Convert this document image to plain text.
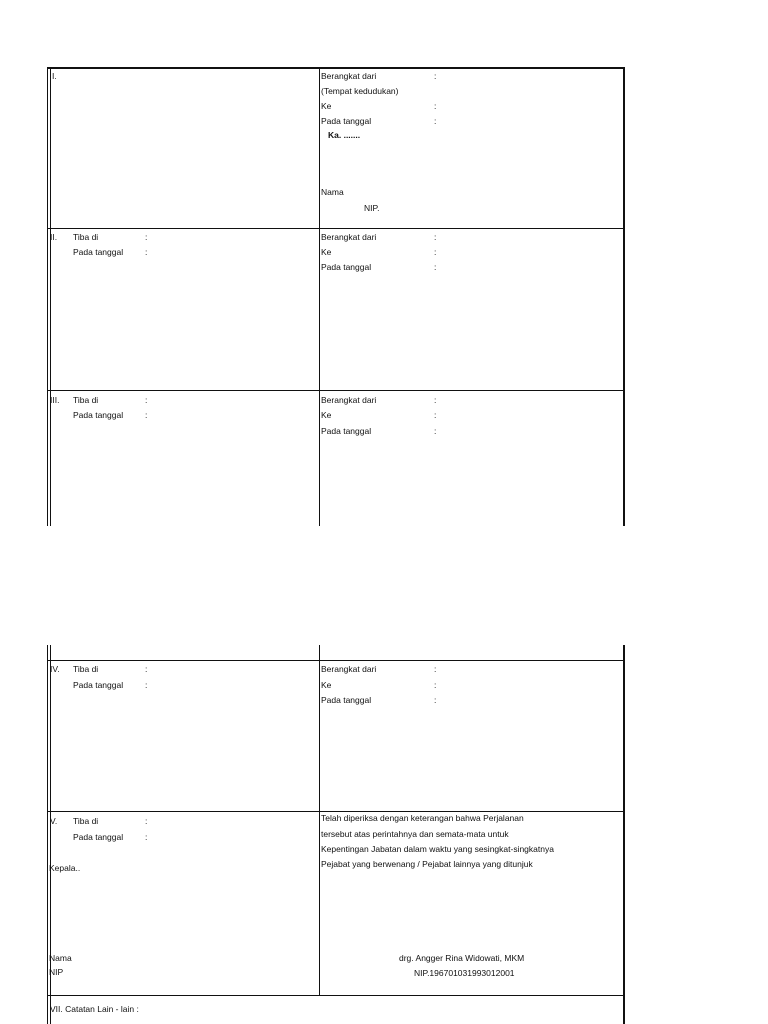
I.	Berangkat dari	:
(Tempat kedudukan)
Ke	:
Pada tanggal	:
Ka. .......
Nama
NIP.
II. Tiba di	:
Pada tanggal	:
Berangkat dari	:
Ke	:
Pada tanggal	:
III. Tiba di	:
Pada tanggal	:
Berangkat dari	:
Ke	:
Pada tanggal	:
IV. Tiba di	:
Pada tanggal	:
Berangkat dari	:
Ke	:
Pada tanggal	:
V. Tiba di	:
Pada tanggal	:
Kepala..
Nama
NIP
Telah diperiksa dengan keterangan bahwa Perjalanan
tersebut atas perintahnya dan semata-mata untuk
Kepentingan Jabatan dalam waktu yang sesingkat-singkatnya
Pejabat yang berwenang / Pejabat lainnya yang ditunjuk
drg. Angger Rina Widowati, MKM
NIP.196701031993012001
VII. Catatan Lain - lain :
